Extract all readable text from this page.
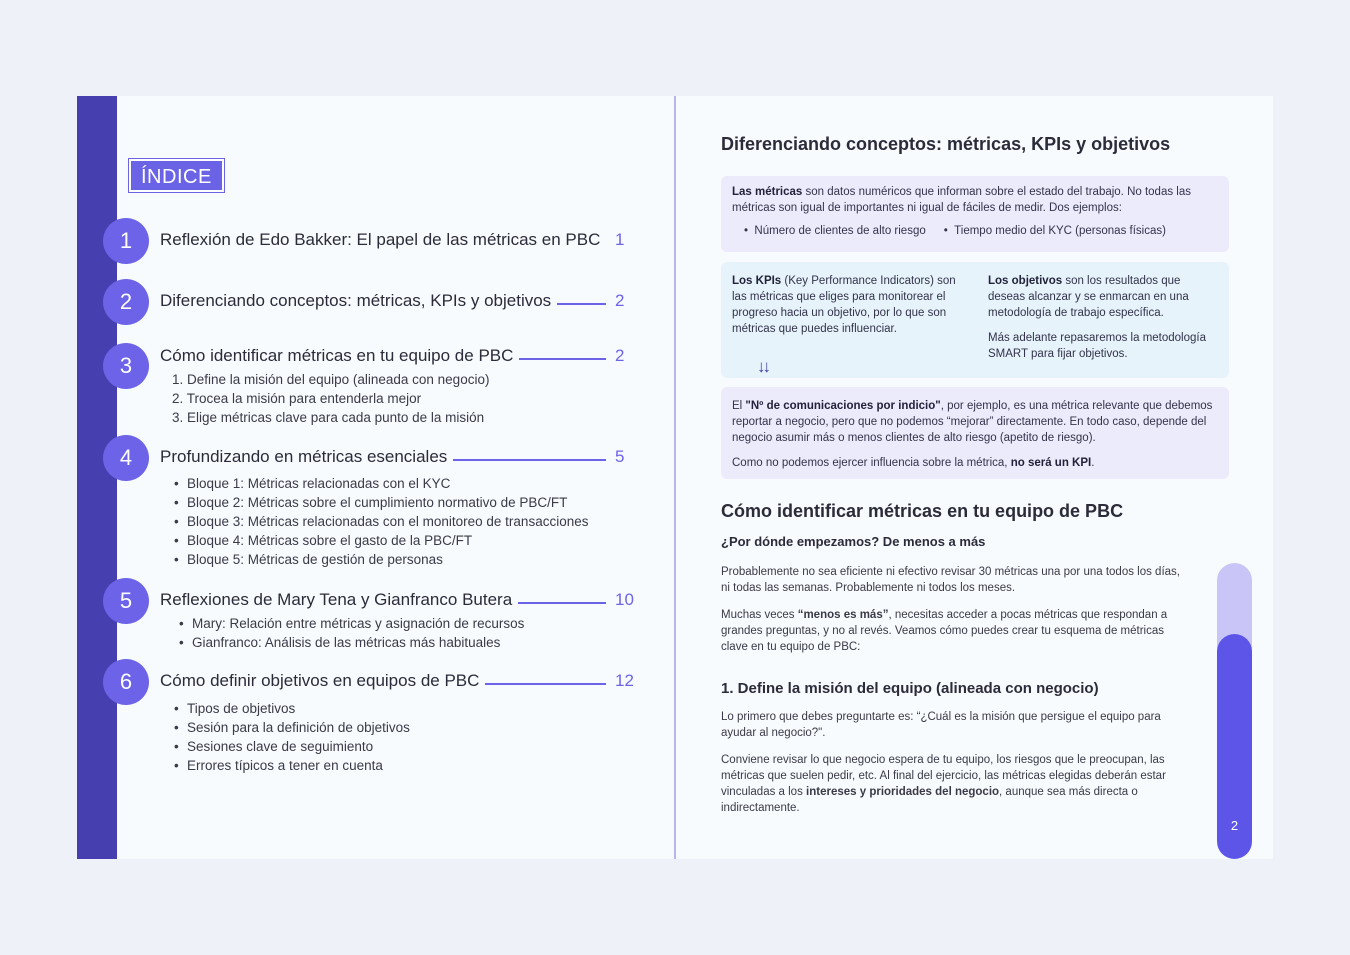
ÍNDICE
1	Reflexión de Edo Bakker: El papel de las métricas en PBC 1
2	Diferenciando conceptos: métricas, KPIs y objetivos	2
3	Cómo identificar métricas en tu equipo de PBC	2
1. Define la misión del equipo (alineada con negocio)
2. Trocea la misión para entenderla mejor
3. Elige métricas clave para cada punto de la misión
4	Profundizando en métricas esenciales	5
• Bloque 1: Métricas relacionadas con el KYC
• Bloque 2: Métricas sobre el cumplimiento normativo de PBC/FT
• Bloque 3: Métricas relacionadas con el monitoreo de transacciones
• Bloque 4: Métricas sobre el gasto de la PBC/FT
• Bloque 5: Métricas de gestión de personas
5	Reflexiones de Mary Tena y Gianfranco Butera	10
• Mary: Relación entre métricas y asignación de recursos
• Gianfranco: Análisis de las métricas más habituales
6	Cómo definir objetivos en equipos de PBC	12
• Tipos de objetivos
• Sesión para la definición de objetivos
• Sesiones clave de seguimiento
• Errores típicos a tener en cuenta
Diferenciando conceptos: métricas, KPIs y objetivos

Las métricas son datos numéricos que informan sobre el estado del trabajo. No todas las métricas son igual de importantes ni igual de fáciles de medir. Dos ejemplos:

•  Número de clientes de alto riesgo •  Tiempo medio del KYC (personas físicas)
Los KPIs (Key Performance Indicators) son las métricas que eliges para monitorear el progreso hacia un objetivo, por lo que son métricas que puedes influenciar.

Los objetivos son los resultados que deseas alcanzar y se enmarcan en una metodología de trabajo específica.

Más adelante repasaremos la metodología SMART para fijar objetivos.

↓↓

El "Nº de comunicaciones por indicio", por ejemplo, es una métrica relevante que debemos reportar a negocio, pero que no podemos “mejorar” directamente. En todo caso, depende del negocio asumir más o menos clientes de alto riesgo (apetito de riesgo).

Como no podemos ejercer influencia sobre la métrica, no será un KPI.

Cómo identificar métricas en tu equipo de PBC
¿Por dónde empezamos? De menos a más

Probablemente no sea eficiente ni efectivo revisar 30 métricas una por una todos los días, ni todas las semanas. Probablemente ni todos los meses.

Muchas veces “menos es más”, necesitas acceder a pocas métricas que respondan a grandes preguntas, y no al revés. Veamos cómo puedes crear tu esquema de métricas clave en tu equipo de PBC:

1. Define la misión del equipo (alineada con negocio)

Lo primero que debes preguntarte es: “¿Cuál es la misión que persigue el equipo para ayudar al negocio?".

Conviene revisar lo que negocio espera de tu equipo, los riesgos que le preocupan, las métricas que suelen pedir, etc. Al final del ejercicio, las métricas elegidas deberán estar vinculadas a los intereses y prioridades del negocio, aunque sea más directa o indirectamente.

2
